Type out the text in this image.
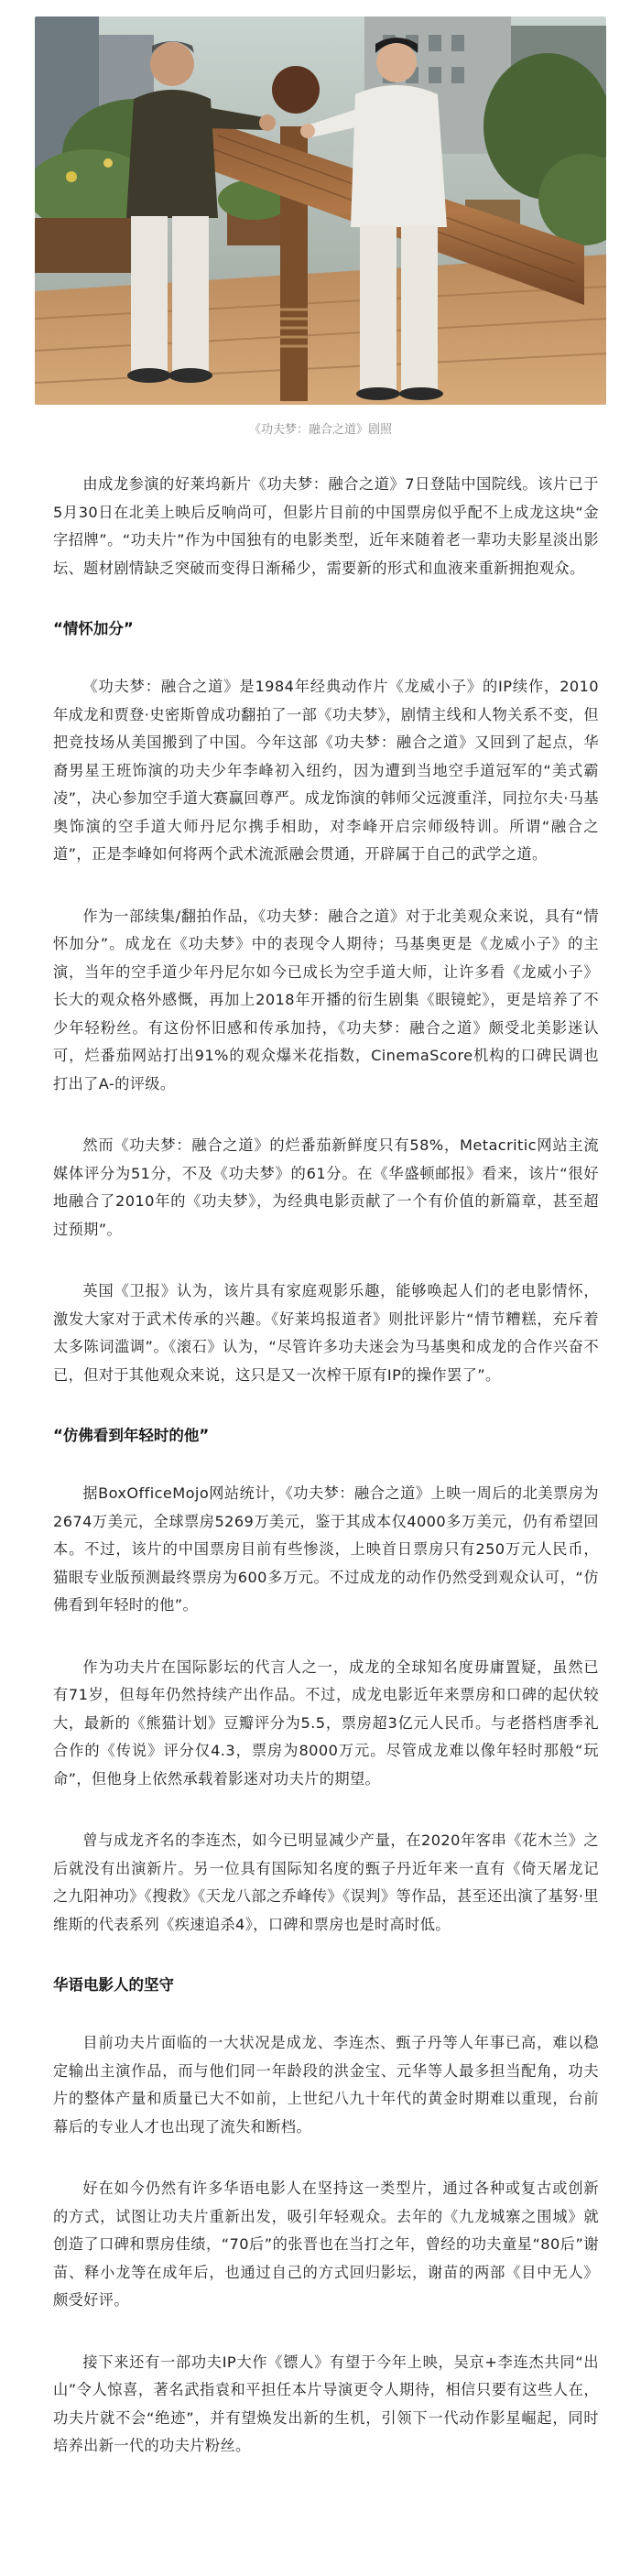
《功夫梦：融合之道》剧照

由成龙参演的好莱坞新片《功夫梦：融合之道》7日登陆中国院线。该片已于5月30日在北美上映后反响尚可，但影片目前的中国票房似乎配不上成龙这块“金字招牌”。“功夫片”作为中国独有的电影类型，近年来随着老一辈功夫影星淡出影坛、题材剧情缺乏突破而变得日渐稀少，需要新的形式和血液来重新拥抱观众。

“情怀加分”

《功夫梦：融合之道》是1984年经典动作片《龙威小子》的IP续作，2010年成龙和贾登·史密斯曾成功翻拍了一部《功夫梦》，剧情主线和人物关系不变，但把竞技场从美国搬到了中国。今年这部《功夫梦：融合之道》又回到了起点，华裔男星王班饰演的功夫少年李峰初入纽约，因为遭到当地空手道冠军的“美式霸凌”，决心参加空手道大赛赢回尊严。成龙饰演的韩师父远渡重洋，同拉尔夫·马基奥饰演的空手道大师丹尼尔携手相助，对李峰开启宗师级特训。所谓“融合之道”，正是李峰如何将两个武术流派融会贯通，开辟属于自己的武学之道。

作为一部续集/翻拍作品，《功夫梦：融合之道》对于北美观众来说，具有“情怀加分”。成龙在《功夫梦》中的表现令人期待；马基奥更是《龙威小子》的主演，当年的空手道少年丹尼尔如今已成长为空手道大师，让许多看《龙威小子》长大的观众格外感慨，再加上2018年开播的衍生剧集《眼镜蛇》，更是培养了不少年轻粉丝。有这份怀旧感和传承加持，《功夫梦：融合之道》颇受北美影迷认可，烂番茄网站打出91%的观众爆米花指数，CinemaScore机构的口碑民调也打出了A-的评级。

然而《功夫梦：融合之道》的烂番茄新鲜度只有58%，Metacritic网站主流媒体评分为51分，不及《功夫梦》的61分。在《华盛顿邮报》看来，该片“很好地融合了2010年的《功夫梦》，为经典电影贡献了一个有价值的新篇章，甚至超过预期”。

英国《卫报》认为，该片具有家庭观影乐趣，能够唤起人们的老电影情怀，激发大家对于武术传承的兴趣。《好莱坞报道者》则批评影片“情节糟糕，充斥着太多陈词滥调”。《滚石》认为，“尽管许多功夫迷会为马基奥和成龙的合作兴奋不已，但对于其他观众来说，这只是又一次榨干原有IP的操作罢了”。

“仿佛看到年轻时的他”

据BoxOfficeMojo网站统计，《功夫梦：融合之道》上映一周后的北美票房为2674万美元，全球票房5269万美元，鉴于其成本仅4000多万美元，仍有希望回本。不过，该片的中国票房目前有些惨淡，上映首日票房只有250万元人民币，猫眼专业版预测最终票房为600多万元。不过成龙的动作仍然受到观众认可，“仿佛看到年轻时的他”。

作为功夫片在国际影坛的代言人之一，成龙的全球知名度毋庸置疑，虽然已有71岁，但每年仍然持续产出作品。不过，成龙电影近年来票房和口碑的起伏较大，最新的《熊猫计划》豆瓣评分为5.5，票房超3亿元人民币。与老搭档唐季礼合作的《传说》评分仅4.3，票房为8000万元。尽管成龙难以像年轻时那般“玩命”，但他身上依然承载着影迷对功夫片的期望。

曾与成龙齐名的李连杰，如今已明显减少产量，在2020年客串《花木兰》之后就没有出演新片。另一位具有国际知名度的甄子丹近年来一直有《倚天屠龙记之九阳神功》《搜救》《天龙八部之乔峰传》《误判》等作品，甚至还出演了基努·里维斯的代表系列《疾速追杀4》，口碑和票房也是时高时低。

华语电影人的坚守

目前功夫片面临的一大状况是成龙、李连杰、甄子丹等人年事已高，难以稳定输出主演作品，而与他们同一年龄段的洪金宝、元华等人最多担当配角，功夫片的整体产量和质量已大不如前，上世纪八九十年代的黄金时期难以重现，台前幕后的专业人才也出现了流失和断档。

好在如今仍然有许多华语电影人在坚持这一类型片，通过各种或复古或创新的方式，试图让功夫片重新出发，吸引年轻观众。去年的《九龙城寨之围城》就创造了口碑和票房佳绩，“70后”的张晋也在当打之年，曾经的功夫童星“80后”谢苗、释小龙等在成年后，也通过自己的方式回归影坛，谢苗的两部《目中无人》颇受好评。

接下来还有一部功夫IP大作《镖人》有望于今年上映，吴京+李连杰共同“出山”令人惊喜，著名武指袁和平担任本片导演更令人期待，相信只要有这些人在，功夫片就不会“绝迹”，并有望焕发出新的生机，引领下一代动作影星崛起，同时培养出新一代的功夫片粉丝。
